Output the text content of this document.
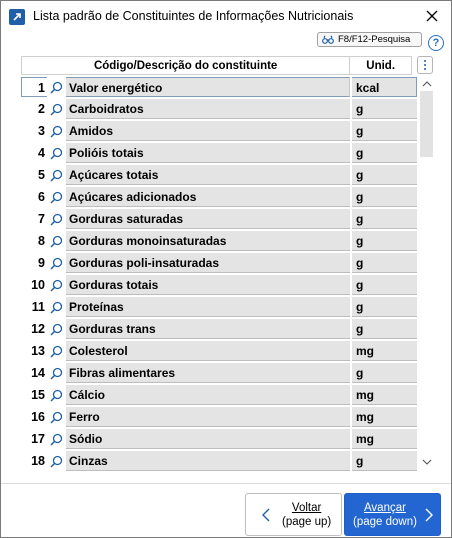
Lista padrão de Constituintes de Informações Nutricionais
F8/F12-Pesquisa	?
Código/Descrição do constituinte	Unid.
1 Valor energético	kcal
2 Carboidratos	g
3 Amidos	g
4 Polióis totais	g
5 Açúcares totais	g
6 Açúcares adicionados	g
7 Gorduras saturadas	g
8 Gorduras monoinsaturadas	g
9 Gorduras poli-insaturadas	g
10 Gorduras totais	g
11 Proteínas	g
12 Gorduras trans	g
13 Colesterol	mg
14 Fibras alimentares	g
15 Cálcio	mg
16 Ferro	mg
17 Sódio	mg
18 Cinzas	g
Voltar
(page up)
Avançar
(page down)
